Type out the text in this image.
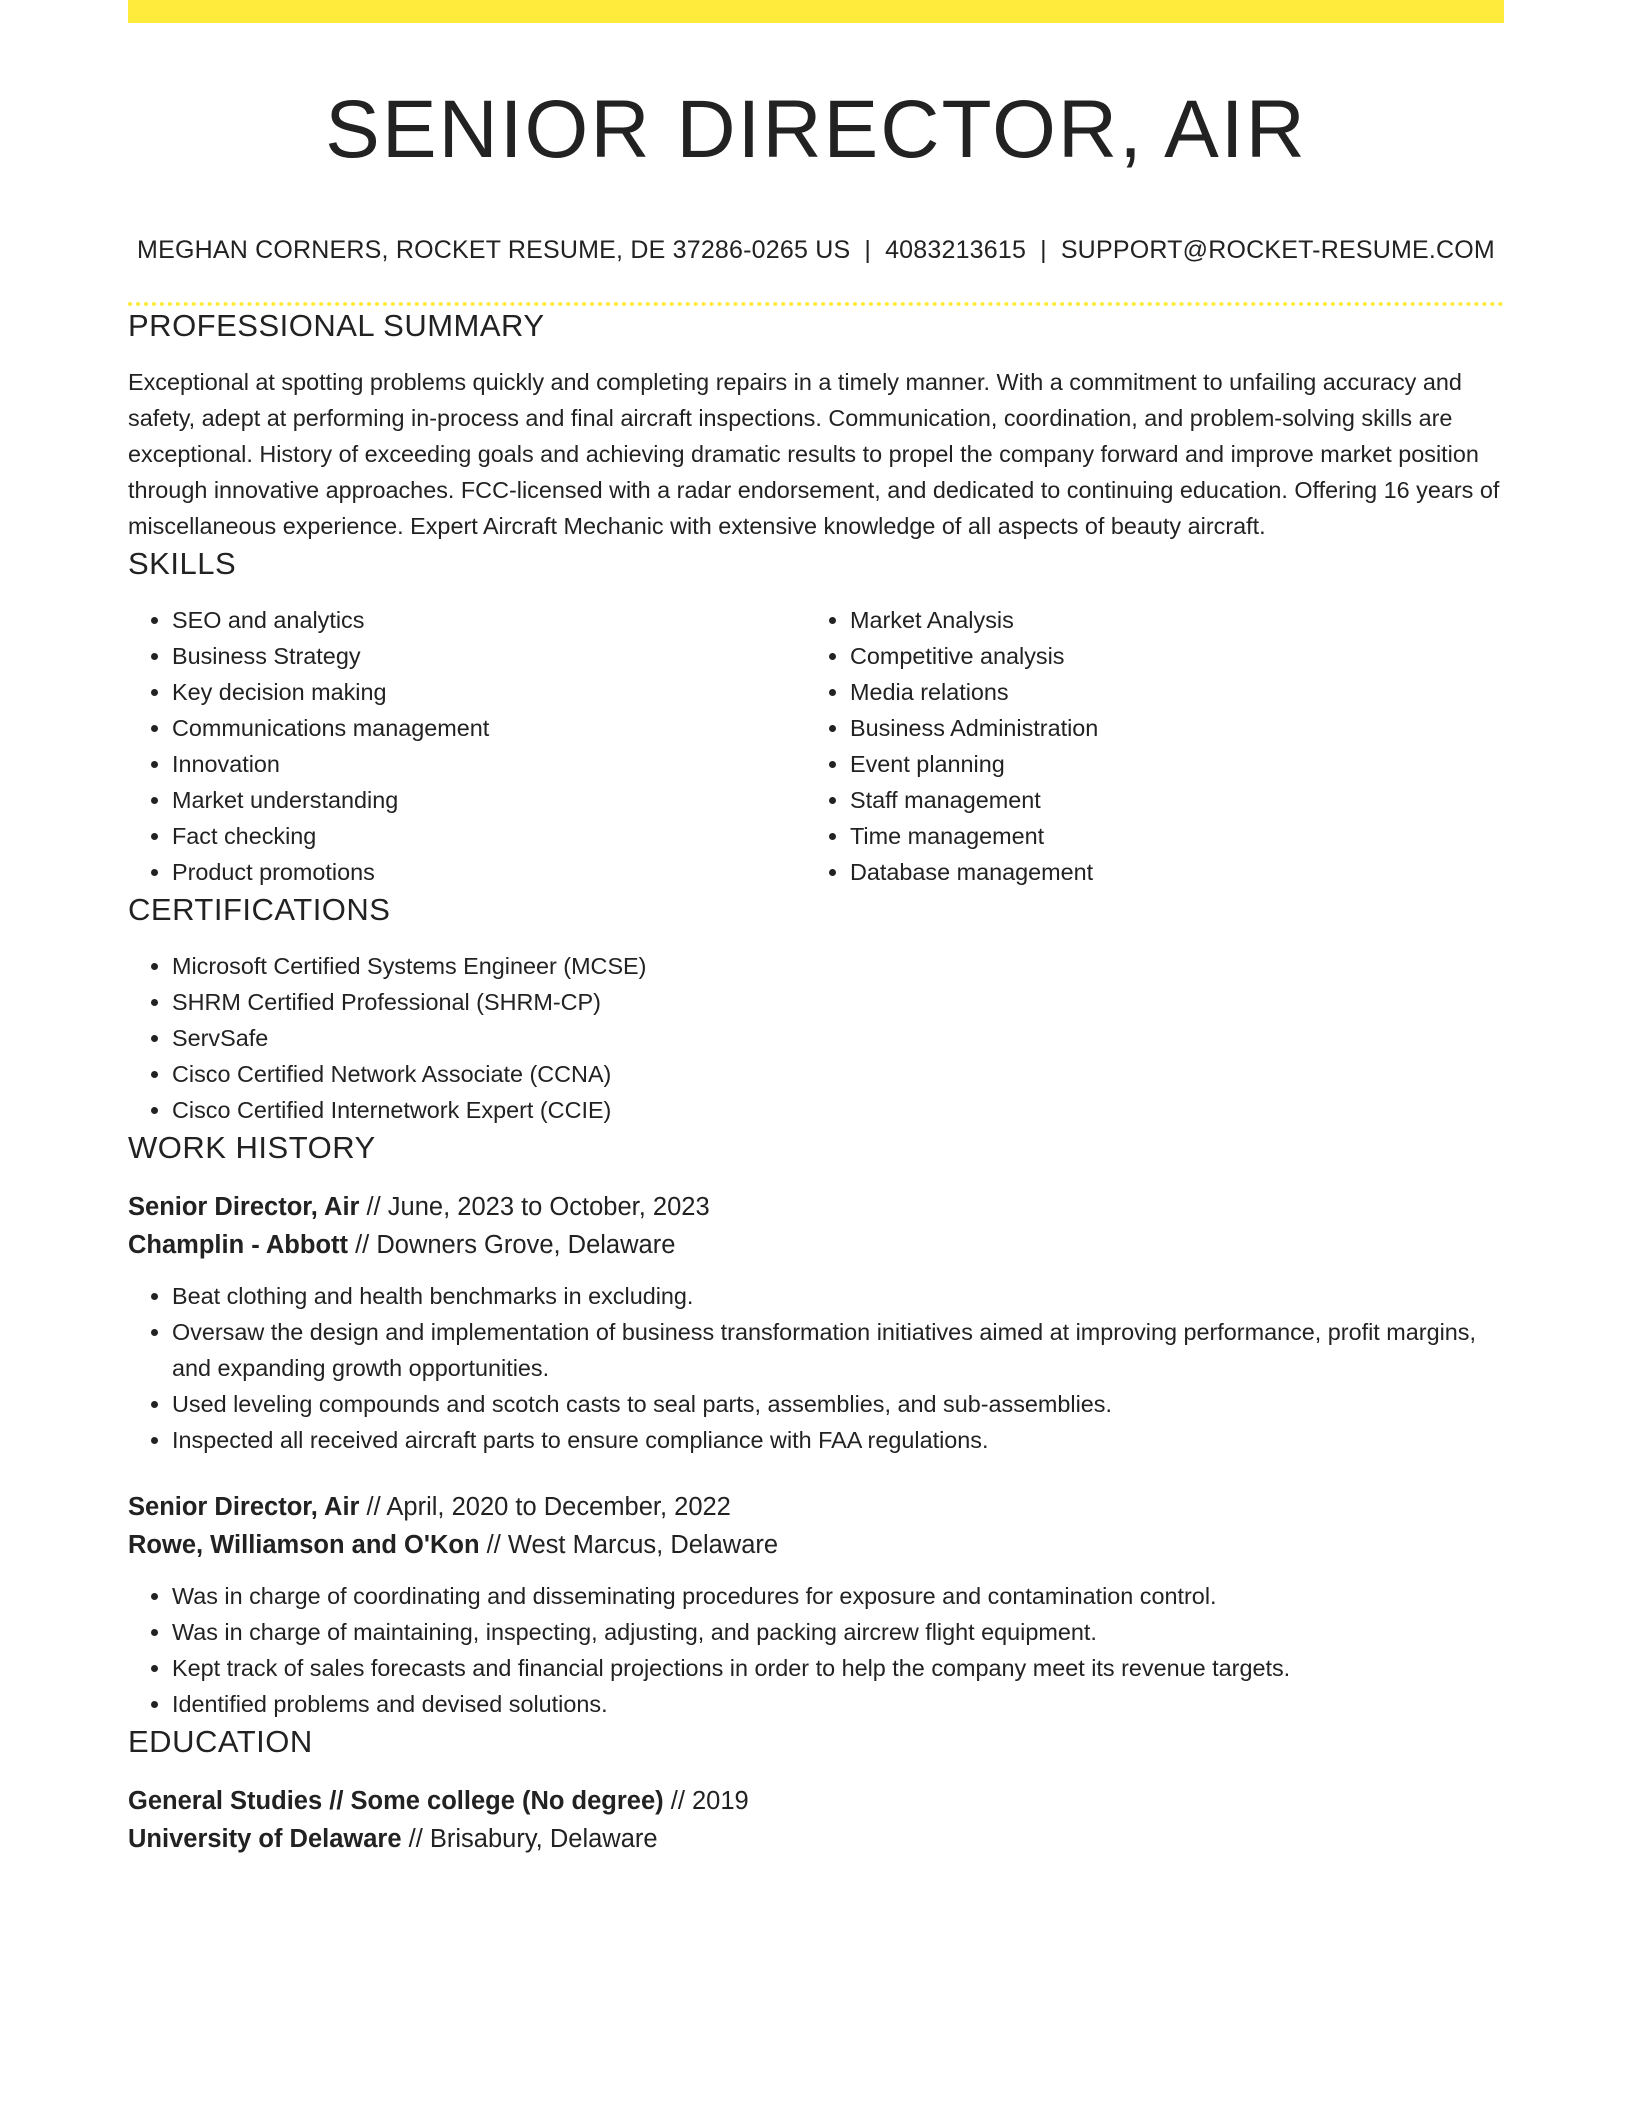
SENIOR DIRECTOR, AIR
MEGHAN CORNERS, ROCKET RESUME, DE 37286-0265 US | 4083213615 | SUPPORT@ROCKET-RESUME.COM
PROFESSIONAL SUMMARY
Exceptional at spotting problems quickly and completing repairs in a timely manner. With a commitment to unfailing accuracy and safety, adept at performing in-process and final aircraft inspections. Communication, coordination, and problem-solving skills are exceptional. History of exceeding goals and achieving dramatic results to propel the company forward and improve market position through innovative approaches. FCC-licensed with a radar endorsement, and dedicated to continuing education. Offering 16 years of miscellaneous experience. Expert Aircraft Mechanic with extensive knowledge of all aspects of beauty aircraft.
SKILLS
• SEO and analytics
• Business Strategy
• Key decision making
• Communications management
• Innovation
• Market understanding
• Fact checking
• Product promotions
• Market Analysis
• Competitive analysis
• Media relations
• Business Administration
• Event planning
• Staff management
• Time management
• Database management
CERTIFICATIONS
• Microsoft Certified Systems Engineer (MCSE)
• SHRM Certified Professional (SHRM-CP)
• ServSafe
• Cisco Certified Network Associate (CCNA)
• Cisco Certified Internetwork Expert (CCIE)
WORK HISTORY
Senior Director, Air // June, 2023 to October, 2023
Champlin - Abbott // Downers Grove, Delaware
• Beat clothing and health benchmarks in excluding.
• Oversaw the design and implementation of business transformation initiatives aimed at improving performance, profit margins, and expanding growth opportunities.
• Used leveling compounds and scotch casts to seal parts, assemblies, and sub-assemblies.
• Inspected all received aircraft parts to ensure compliance with FAA regulations.
Senior Director, Air // April, 2020 to December, 2022
Rowe, Williamson and O'Kon // West Marcus, Delaware
• Was in charge of coordinating and disseminating procedures for exposure and contamination control.
• Was in charge of maintaining, inspecting, adjusting, and packing aircrew flight equipment.
• Kept track of sales forecasts and financial projections in order to help the company meet its revenue targets.
• Identified problems and devised solutions.
EDUCATION
General Studies // Some college (No degree) // 2019
University of Delaware // Brisabury, Delaware
